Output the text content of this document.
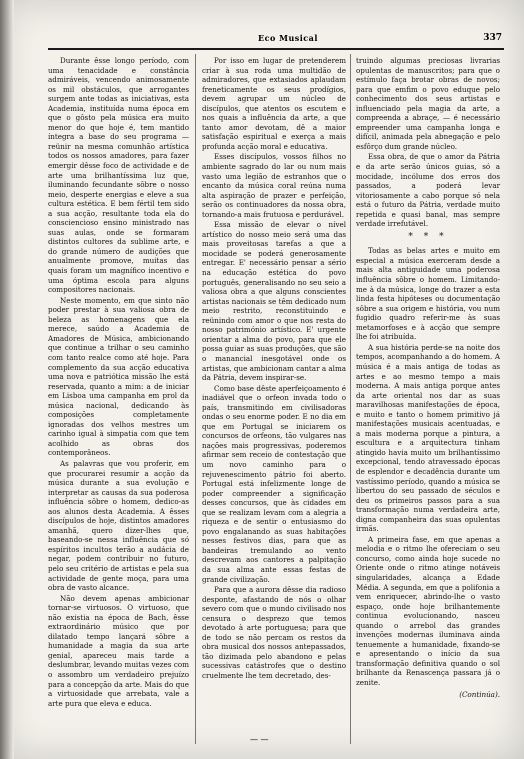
Eco Musical	337

Durante êsse longo período, com uma tenacidade e constância admiráveis, vencendo animosamente os mil obstáculos, que arrogantes surgem ante todas as iniciativas, esta Academia, instituída numa época em que o gôsto pela música era muito menor do que hoje é, tem mantido íntegra a base do seu programa — reünir na mesma comunhão artística todos os nossos amadores, para fazer emergir dêsse foco de actividade e de arte uma brilhantíssima luz que, iluminando fecundante sôbre o nosso meio, desperte energias e eleve a sua cultura estética. E bem fértil tem sido a sua acção, resultante toda ela do consciencioso ensino ministrado nas suas aulas, onde se formaram distintos cultores da sublime arte, e do grande número de audições que anualmente promove, muitas das quais foram um magnífico incentivo e uma óptima escola para alguns compositores nacionais.

Neste momento, em que sinto não poder prestar à sua valiosa obra de beleza as homenagens que ela merece, saúdo a Academia de Amadores de Música, ambicionando que continue a trilhar o seu caminho com tanto realce como até hoje. Para complemento da sua acção educativa uma nova e patriótica missão lhe está reservada, quanto a mim: a de iniciar em Lisboa uma campanha em prol da música nacional, dedicando às composições completamente ignoradas dos velhos mestres um carinho igual à simpatia com que tem acolhido as obras dos contemporâneos.

As palavras que vou proferir, em que procurarei resumir a acção da música durante a sua evolução e interpretar as causas da sua poderosa influência sôbre o homem, dedico-as aos alunos desta Academia. A êsses discípulos de hoje, distintos amadores amanhã, quero dizer-lhes que, baseando-se nessa influência que só espíritos incultos terão a audácia de negar, podem contribuir no futuro, pelo seu critério de artistas e pela sua actividade de gente moça, para uma obra de vasto alcance.

Não devem apenas ambicionar tornar-se virtuosos. O virtuoso, que não existia na época de Bach, êsse extraordinário músico que por dilatado tempo lançará sôbre a humanidade a magia da sua arte genial, apareceu mais tarde a deslumbrar, levando muitas vezes com o assombro um verdadeiro prejuízo para a concepção da arte. Mais do que a virtuosidade que arrebata, vale a arte pura que eleva e educa.

Por isso em lugar de pretenderem criar à sua roda uma multidão de admiradores, que extasiados aplaudam freneticamente os seus prodígios, devem agrupar um núcleo de discípulos, que atentos os escutem e nos quais a influência da arte, a que tanto amor devotam, dê a maior satisfação espiritual e exerça a mais profunda acção moral e educativa.

Esses discípulos, vossos filhos no ambiente sagrado do lar ou num mais vasto uma legião de estranhos que o encanto da música coral reúna numa alta aspiração de prazer e perfeição, serão os continuadores da nossa obra, tornando-a mais frutuosa e perdurável.

Essa missão de elevar o nível artístico do nosso meio será uma das mais proveitosas tarefas a que a mocidade se poderá generosamente entregar. E' necessário pensar a sério na educação estética do povo português, generalisando no seu seio a valiosa obra a que alguns conscientes artistas nacionais se têm dedicado num meio restrito, reconstituindo e reünindo com amor o que nos resta do nosso património artístico. E' urgente orientar a alma do povo, para que ele possa guiar as suas produções, que são o manancial inesgotável onde os artistas, que ambicionam cantar a alma da Pátria, devem inspirar-se.

Como base dêste aperfeiçoamento é inadiável que o orfeon invada todo o país, transmitindo em civilisadoras ondas o seu enorme poder. E no dia em que em Portugal se iniciarem os concursos de orfeons, tão vulgares nas nações mais progressivas, poderemos afirmar sem receio de contestação que um novo caminho para o rejuvenescimento pátrio foi aberto. Portugal está infelizmente longe de poder compreender a significação desses concursos, que às cidades em que se realizam levam com a alegria a riqueza e de sentir o entusiasmo do povo engalanando as suas habitações nesses festivos dias, para que as bandeiras tremulando ao vento descrevam aos cantores a palpitação da sua alma ante essas festas de grande civilização.

Para que a aurora dêsse dia radioso desponte, afastando de nós o olhar severo com que o mundo civilisado nos censura o desprezo que temos devotado à arte portuguesa; para que de todo se não percam os restos da obra musical dos nossos antepassados, tão dizimada pelo abandono e pelas sucessivas catástrofes que o destino cruelmente lhe tem decretado, des-

truindo algumas preciosas livrarias opulentas de manuscritos; para que o estímulo faça brotar obras de novos; para que emfim o povo eduque pelo conhecimento dos seus artistas e influenciado pela magia da arte, a compreenda a abraçe, — é necessário empreender uma campanha longa e difícil, animada pela abnegação e pelo esfôrço dum grande núcleo.

Essa obra, de que o amor da Pátria e da arte serão únicos guias, só a mocidade, incólume dos erros dos passados, a poderá levar vitoriosamente a cabo porque só nela está o futuro da Pátria, verdade muito repetida e quasi banal, mas sempre verdade irrefutável.

* * *

Todas as belas artes e muito em especial a música exerceram desde a mais alta antiguidade uma poderosa influência sôbre o homem. Limitando-me à da música, longe do trazer a esta linda festa hipóteses ou documentação sôbre a sua origem e história, vou num fugidio quadro referir-me às suas metamorfoses e à acção que sempre lhe foi atribuída.

A sua história perde-se na noite dos tempos, acompanhando a do homem. A música é a mais antiga de todas as artes e ao mesmo tempo a mais moderna. A mais antiga porque antes da arte oriental nos dar as suas maravilhosas manifestações de época, e muito e tanto o homem primitivo já manifestações musicais acentuadas, e a mais moderna porque a pintura, a escultura e a arquitectura tinham atingido havia muito um brilhantíssimo excepcional, tendo atravessado épocas de esplendor e decadência durante um vastíssimo período, quando a música se libertou do seu passado de séculos e deu os primeiros passos para a sua transformação numa verdadeira arte, digna companheira das suas opulentas irmãs.

A primeira fase, em que apenas a melodia e o ritmo lhe ofereciam o seu concurso, como ainda hoje sucede no Oriente onde o ritmo atinge notáveis singularidades, alcança a Edade Média. A segunda, em que a polifonia a vem enriquecer, abrindo-lhe o vasto espaço, onde hoje brilhantemente continua evolucionando, nasceu quando o arrebol das grandes invenções modernas iluminava ainda tenuemente a humanidade, fixando-se e apresentando o início da sua transformação definitiva quando o sol brilhante da Renascença passara já o zenite.

(Continúa).
— —
